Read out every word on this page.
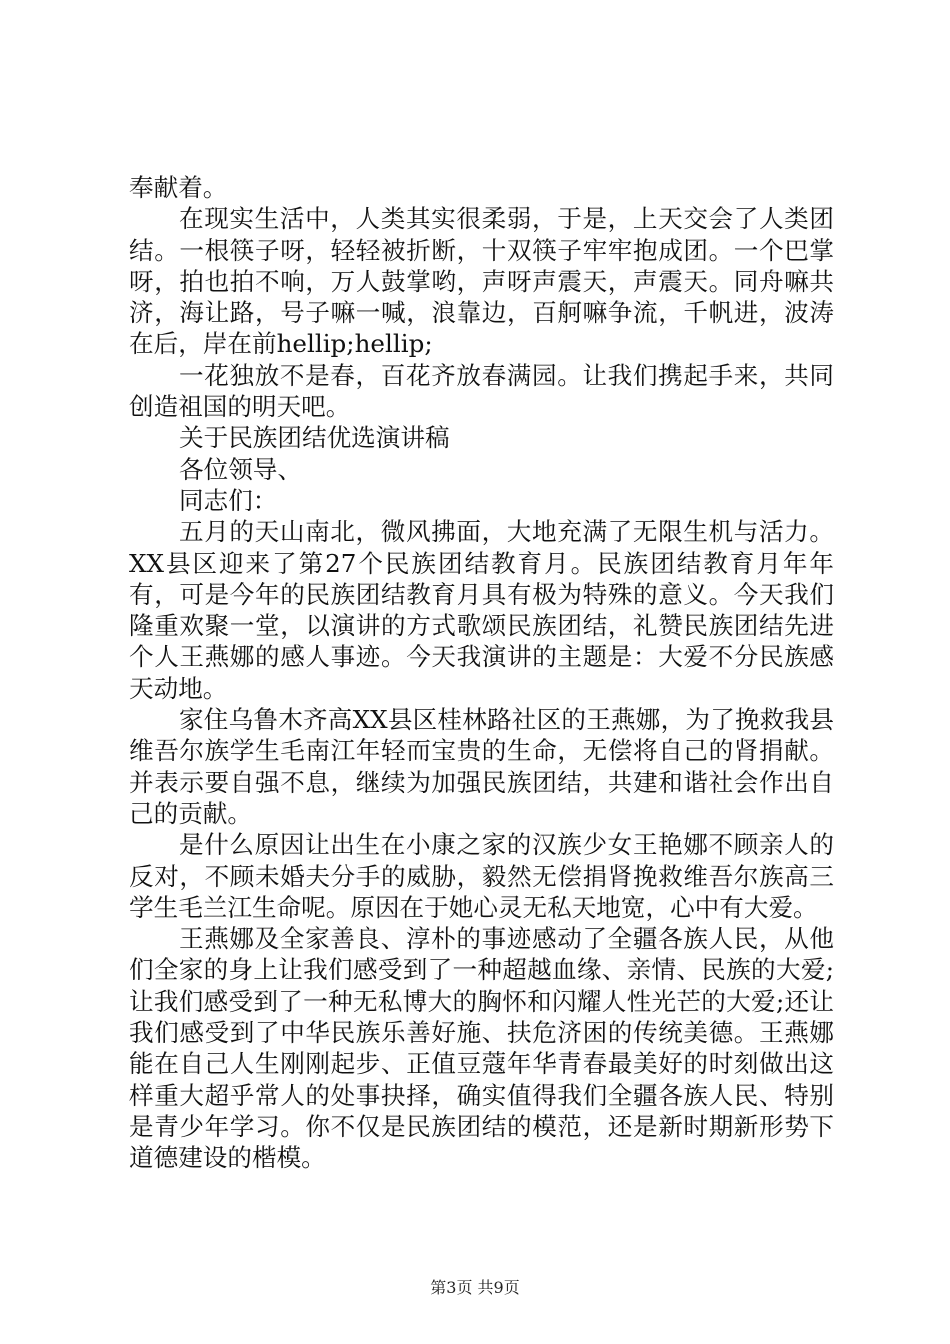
奉献着。

在现实生活中，人类其实很柔弱，于是，上天交会了人类团结。一根筷子呀，轻轻被折断，十双筷子牢牢抱成团。一个巴掌呀，拍也拍不响，万人鼓掌哟，声呀声震天，声震天。同舟嘛共济，海让路，号子嘛一喊，浪靠边，百舸嘛争流，千帆进，波涛在后，岸在前hellip;hellip;

一花独放不是春，百花齐放春满园。让我们携起手来，共同创造祖国的明天吧。

关于民族团结优选演讲稿

各位领导、

同志们：

五月的天山南北，微风拂面，大地充满了无限生机与活力。XX县区迎来了第27个民族团结教育月。民族团结教育月年年有，可是今年的民族团结教育月具有极为特殊的意义。今天我们隆重欢聚一堂，以演讲的方式歌颂民族团结，礼赞民族团结先进个人王燕娜的感人事迹。今天我演讲的主题是：大爱不分民族感天动地。

家住乌鲁木齐高XX县区桂林路社区的王燕娜，为了挽救我县维吾尔族学生毛南江年轻而宝贵的生命，无偿将自己的肾捐献。并表示要自强不息，继续为加强民族团结，共建和谐社会作出自己的贡献。

是什么原因让出生在小康之家的汉族少女王艳娜不顾亲人的反对，不顾未婚夫分手的威胁，毅然无偿捐肾挽救维吾尔族高三学生毛兰江生命呢。原因在于她心灵无私天地宽，心中有大爱。

王燕娜及全家善良、淳朴的事迹感动了全疆各族人民，从他们全家的身上让我们感受到了一种超越血缘、亲情、民族的大爱;让我们感受到了一种无私博大的胸怀和闪耀人性光芒的大爱;还让我们感受到了中华民族乐善好施、扶危济困的传统美德。王燕娜能在自己人生刚刚起步、正值豆蔻年华青春最美好的时刻做出这样重大超乎常人的处事抉择，确实值得我们全疆各族人民、特别是青少年学习。你不仅是民族团结的模范，还是新时期新形势下道德建设的楷模。

第3页 共9页
